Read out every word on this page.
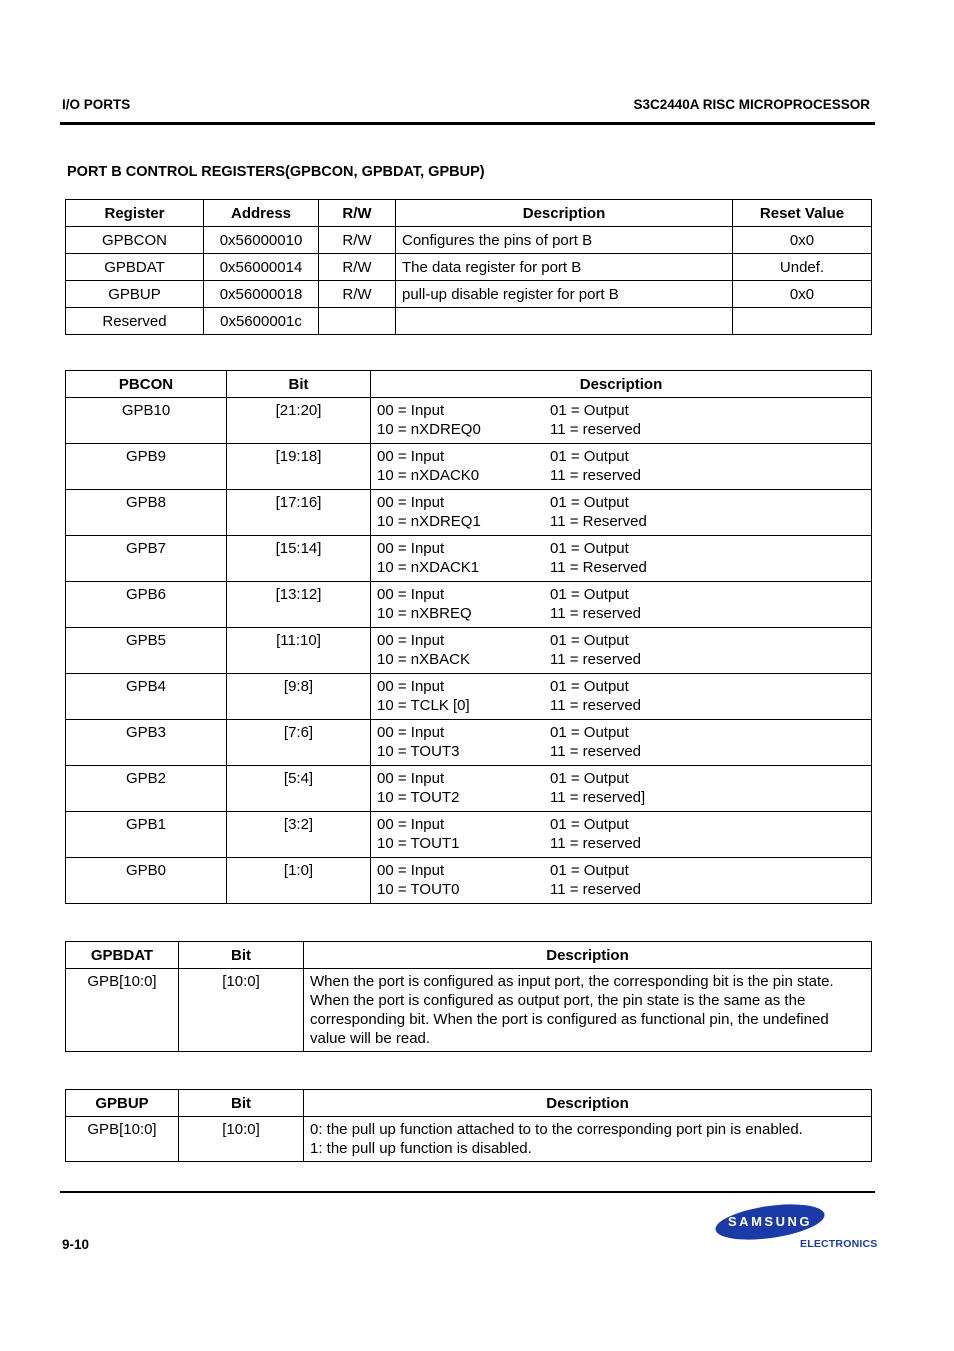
I/O PORTS	S3C2440A RISC MICROPROCESSOR
PORT B CONTROL REGISTERS(GPBCON, GPBDAT, GPBUP)
Register	Address	R/W	Description	Reset Value
GPBCON	0x56000010	R/W	Configures the pins of port B	0x0
GPBDAT	0x56000014	R/W	The data register for port B	Undef.
GPBUP	0x56000018	R/W	pull-up disable register for port B	0x0
Reserved	0x5600001c			
PBCON	Bit	Description
GPB10	[21:20]	00 = Input 01 = Output
10 = nXDREQ0 11 = reserved

GPB9	[19:18]	00 = Input 01 = Output
10 = nXDACK0 11 = reserved

GPB8	[17:16]	00 = Input 01 = Output
10 = nXDREQ1 11 = Reserved

GPB7	[15:14]	00 = Input 01 = Output
10 = nXDACK1 11 = Reserved

GPB6	[13:12]	00 = Input 01 = Output
10 = nXBREQ 11 = reserved

GPB5	[11:10]	00 = Input 01 = Output
10 = nXBACK 11 = reserved

GPB4	[9:8]	00 = Input 01 = Output
10 = TCLK [0] 11 = reserved

GPB3	[7:6]	00 = Input 01 = Output
10 = TOUT3 11 = reserved

GPB2	[5:4]	00 = Input 01 = Output
10 = TOUT2 11 = reserved]

GPB1	[3:2]	00 = Input 01 = Output
10 = TOUT1 11 = reserved

GPB0	[1:0]	00 = Input 01 = Output
10 = TOUT0 11 = reserved
GPBDAT	Bit	Description
GPB[10:0]	[10:0]	When the port is configured as input port, the corresponding bit is the pin state. When the port is configured as output port, the pin state is the same as the corresponding bit. When the port is configured as functional pin, the undefined value will be read.
GPBUP	Bit	Description
GPB[10:0]	[10:0]	0: the pull up function attached to to the corresponding port pin is enabled.
1: the pull up function is disabled.
9-10
SAMSUNG
ELECTRONICS
